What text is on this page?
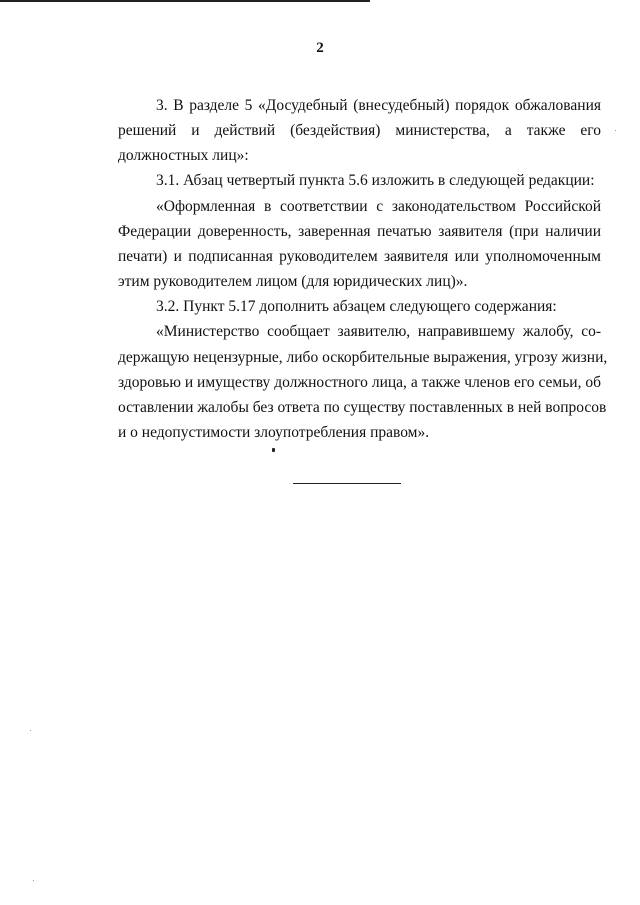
2
3. В разделе 5 «Досудебный (внесудебный) порядок обжалования
решений и действий (бездействия) министерства, а также его
должностных лиц»:
3.1. Абзац четвертый пункта 5.6 изложить в следующей редакции:
«Оформленная в соответствии с законодательством Российской
Федерации доверенность, заверенная печатью заявителя (при наличии
печати) и подписанная руководителем заявителя или уполномоченным
этим руководителем лицом (для юридических лиц)».
3.2. Пункт 5.17 дополнить абзацем следующего содержания:
«Министерство сообщает заявителю, направившему жалобу, со-
держащую нецензурные, либо оскорбительные выражения, угрозу жизни,
здоровью и имуществу должностного лица, а также членов его семьи, об
оставлении жалобы без ответа по существу поставленных в ней вопросов
и о недопустимости злоупотребления правом».
